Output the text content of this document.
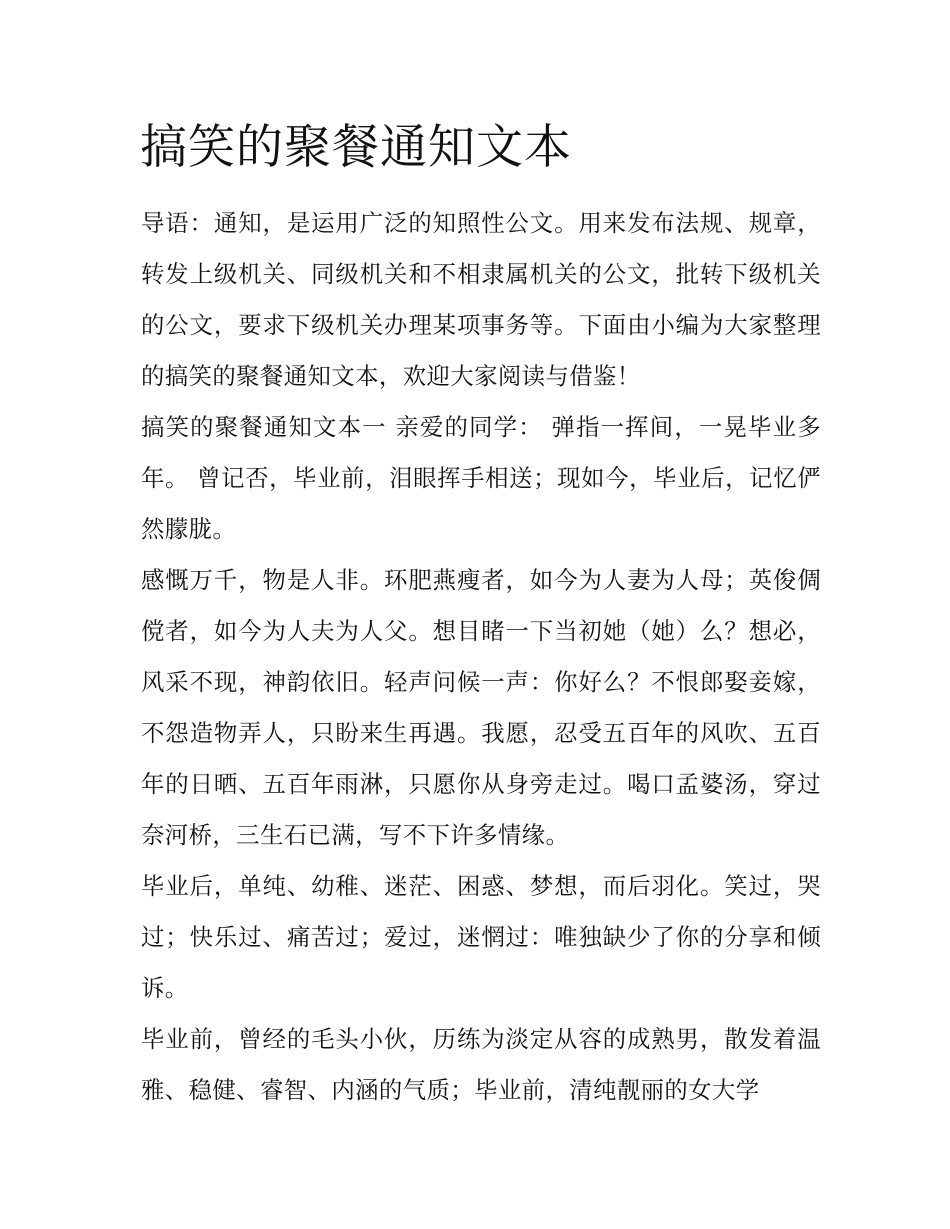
搞笑的聚餐通知文本

导语：通知，是运用广泛的知照性公文。用来发布法规、规章，转发上级机关、同级机关和不相隶属机关的公文，批转下级机关的公文，要求下级机关办理某项事务等。下面由小编为大家整理的搞笑的聚餐通知文本，欢迎大家阅读与借鉴！

搞笑的聚餐通知文本一 亲爱的同学： 弹指一挥间，一晃毕业多年。 曾记否，毕业前，泪眼挥手相送；现如今，毕业后，记忆俨然朦胧。

感慨万千，物是人非。环肥燕瘦者，如今为人妻为人母；英俊倜傥者，如今为人夫为人父。想目睹一下当初她（她）么？想必，风采不现，神韵依旧。轻声问候一声：你好么？不恨郎娶妾嫁，不怨造物弄人，只盼来生再遇。我愿，忍受五百年的风吹、五百年的日晒、五百年雨淋，只愿你从身旁走过。喝口孟婆汤，穿过奈河桥，三生石已满，写不下许多情缘。

毕业后，单纯、幼稚、迷茫、困惑、梦想，而后羽化。笑过，哭过；快乐过、痛苦过；爱过，迷惘过：唯独缺少了你的分享和倾诉。

毕业前，曾经的毛头小伙，历练为淡定从容的成熟男，散发着温雅、稳健、睿智、内涵的气质；毕业前，清纯靓丽的女大学
